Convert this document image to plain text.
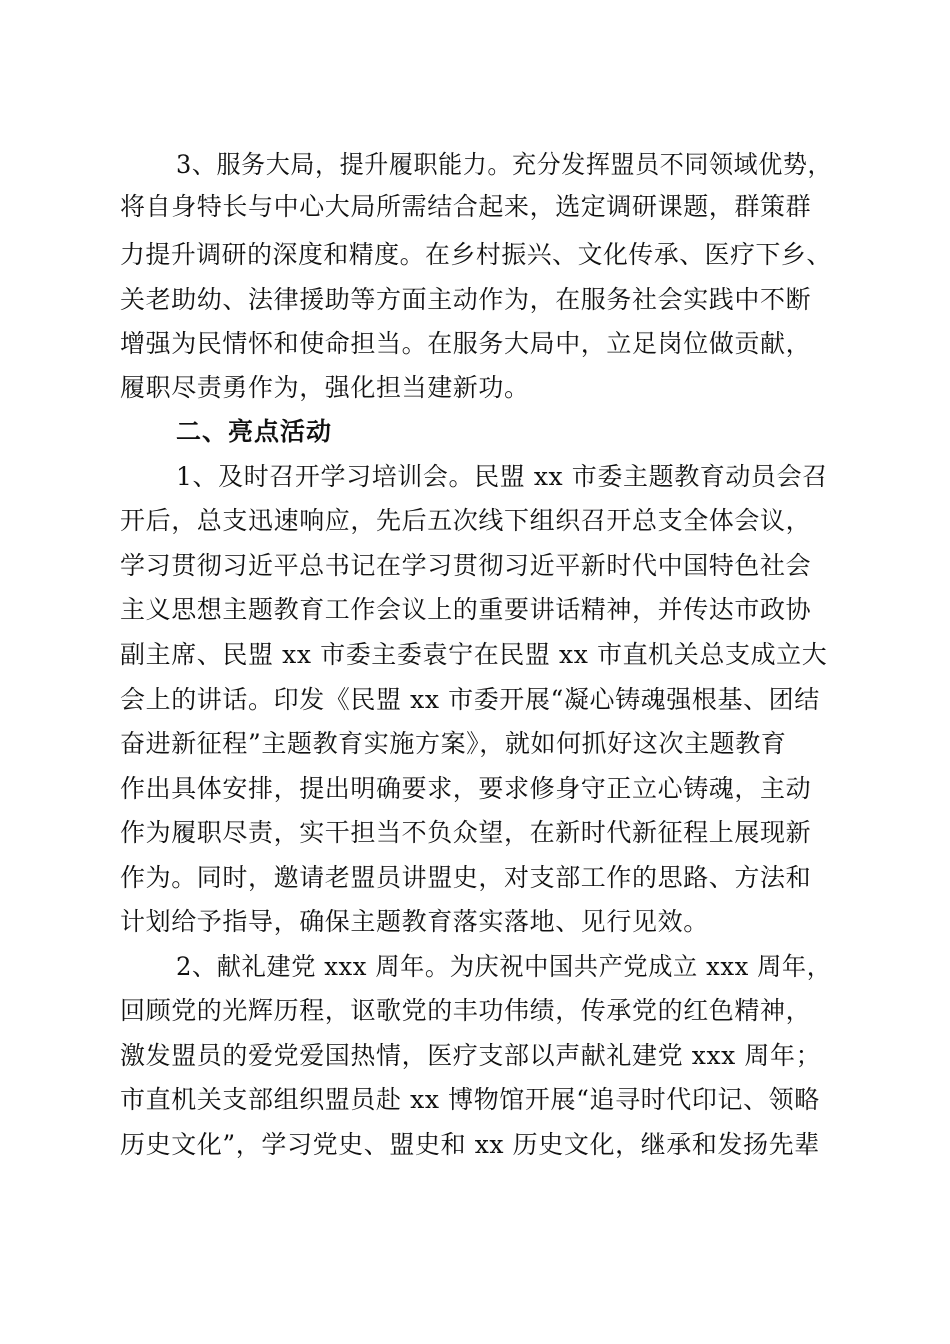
3、服务大局，提升履职能力。充分发挥盟员不同领域优势，
将自身特长与中心大局所需结合起来，选定调研课题，群策群
力提升调研的深度和精度。在乡村振兴、文化传承、医疗下乡、
关老助幼、法律援助等方面主动作为，在服务社会实践中不断
增强为民情怀和使命担当。在服务大局中，立足岗位做贡献，
履职尽责勇作为，强化担当建新功。
二、亮点活动
1、及时召开学习培训会。民盟 xx 市委主题教育动员会召
开后，总支迅速响应，先后五次线下组织召开总支全体会议，
学习贯彻习近平总书记在学习贯彻习近平新时代中国特色社会
主义思想主题教育工作会议上的重要讲话精神，并传达市政协
副主席、民盟 xx 市委主委袁宁在民盟 xx 市直机关总支成立大
会上的讲话。印发《民盟 xx 市委开展“凝心铸魂强根基、团结
奋进新征程”主题教育实施方案》，就如何抓好这次主题教育
作出具体安排，提出明确要求，要求修身守正立心铸魂，主动
作为履职尽责，实干担当不负众望，在新时代新征程上展现新
作为。同时，邀请老盟员讲盟史，对支部工作的思路、方法和
计划给予指导，确保主题教育落实落地、见行见效。
2、献礼建党 xxx 周年。为庆祝中国共产党成立 xxx 周年，
回顾党的光辉历程，讴歌党的丰功伟绩，传承党的红色精神，
激发盟员的爱党爱国热情，医疗支部以声献礼建党 xxx 周年；
市直机关支部组织盟员赴 xx 博物馆开展“追寻时代印记、领略
历史文化”，学习党史、盟史和 xx 历史文化，继承和发扬先辈
